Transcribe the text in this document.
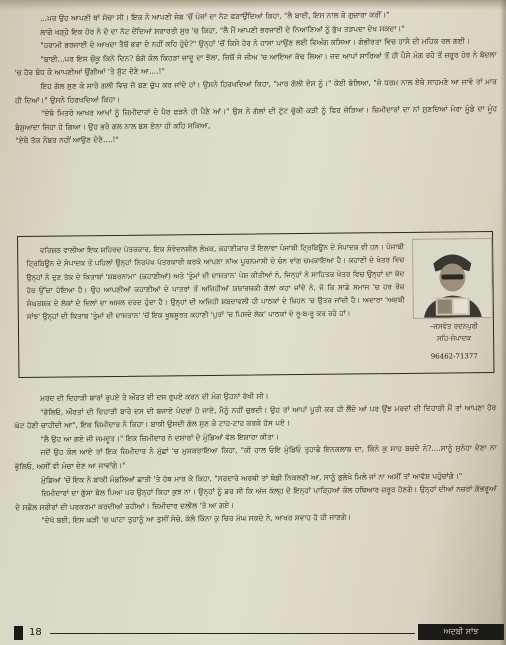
...ਪਰ ਉਹ ਆਪਣੀ ਥਾਂ ਸੱਚਾ ਸੀ। ਇਕ ਨੇ ਆਪਣੀ ਜੇਬ 'ਚੋਂ ਪੰਜਾਂ ਦਾ ਨੋਟ ਫੜਾਉਂਦਿਆਂ ਕਿਹਾ, "ਲੈ ਬਾਈ, ਇਸ ਨਾਲ ਕੇ ਗੁਜ਼ਾਰਾ ਕਰੀਂ।"

ਲਾਗੇ ਖੜ੍ਹੇ ਇਕ ਹੋਰ ਨੇ ਦੋ ਦਾ ਨੋਟ ਦੇਂਦਿਆਂ ਸ਼ਰਾਰਤੀ ਸੁਰ 'ਚ ਕਿਹਾ, "ਲੈ ਮੈਂ ਆਪਣੀ ਭਰਜਾਈ ਦੇ ਨਿਆਣਿਆਂ ਨੂੰ ਭੁੱਖ ਤੜਪਦਾ ਦੇਖ ਸਕਦਾ।"

"ਹਰਾਮੀ ਭਰਜਾਈ ਦੇ ਆਖਦਾ ਤੈਥੋਂ ਭਰਾ ਦੇ ਨਹੀਂ ਕਹਿ ਹੁੰਦੇ?" ਉਨ੍ਹਾਂ 'ਚੋਂ ਕਿਸੇ ਹੋਰ ਨੇ ਹਾਸਾ ਪਾਉਣ ਲਈ ਵਿਅੰਗ ਕਸਿਆ। ਗੰਭੀਰਤਾ ਵਿਚ ਹਾਸੇ ਦੀ ਮਹਿਕ ਰਲ ਗਈ।

"ਬਾਈ...ਪਰ ਇਸ ਚੌਕੂ ਕਿਨੇ ਦਿਨ? ਬੰਗੋ ਕੋਲ ਕਿਹੜਾ ਜਾਦੂ ਦਾ ਝੋਲਾ, ਜਿਥੋਂ ਜੋ ਜੀਅ 'ਚ ਆਇਆ ਕੱਢ ਲਿਆ। ਜਦ ਆਪਾਂ ਸਾਰਿਆਂ ਤੋਂ ਹੀ ਪੈਸੇ ਮੰਗ ਰਹੇ ਤੋਂ ਜ਼ਰੂਰ ਹੋਰ ਨੇ ਬੋਦਲਾ 'ਚ ਹੋਰ ਬੰਧ ਕੇ ਆਪਣੀਆਂ ਉਂਗੀਆਂ 'ਤੇ ਸੁੱਟ ਦੇਣੇ ਆ....!"

ਇਹ ਗੱਲ ਸੁਣ ਕੇ ਸਾਰੇ ਗਲੀ ਵਿਚ ਜੋ ਬਣ ਚੁੱਪ ਕਰ ਜਾਂਦੇ ਹਾਂ। ਉਸਨੇ ਹਿਰਖਦਿਆਂ ਕਿਹਾ, "ਮਾਰ ਗੋਲੀ ਏਸ ਨੂੰ।" ਕੋਈ ਬੋਲਿਆ, "ਜੇ ਧਰਮ ਨਾਲ ਏਥੇ ਸਾਹਮਣੇ ਆ ਜਾਵੇ ਤਾਂ ਮਾਰ ਹੀ ਦਿਆਂ।" ਉਸਨੇ ਹਿਰਖਦਿਆਂ ਕਿਹਾ।

"ਏਥੇ ਮਿਤਰੋ ਆਖਰ ਆਖਾਂ ਨੂੰ ਜ਼ਿਮੀਦਾਰਾਂ ਦੇ ਪੈਰ ਫੜਨੇ ਹੀ ਪੈਣੇ ਆਂ।" ਉਸ ਨੇ ਗੱਲਾਂ ਦੀ ਟੁੱਟ ਚੁੱਕੀ ਕੜੀ ਨੂੰ ਫਿਰ ਜੋੜਿਆ। ਜ਼ਿਮੀਦਾਰਾਂ ਦਾ ਨਾਂ ਸੁਣਦਿਆਂ ਮੇਰਾ ਮੂੰਡੇ ਦਾ ਮੂੰਹ ਬੇਸੁਆਦਾ ਜਿਹਾ ਹੋ ਗਿਆ। ਉਹ ਭਰੇ ਗਲ ਨਾਲ ਬਸ ਏਨਾ ਹੀ ਕਹਿ ਸਕਿਆ,

"ਏਥੇ ਤੱਕ ਨੌਬਤ ਨਹੀਂ ਆਉਣ ਦੇਣੇ....!"

ਵਰਿਸ਼ਠ ਵਾਲੀਆ ਇਕ ਸ਼ਹਿਰਦ ਪੱਤਰਕਾਰ, ਇਕ ਸੰਵੇਦਨਸ਼ੀਲ ਲੇਖਕ, ਕਹਾਣੀਕਾਰ ਤੋਂ ਇਲਾਵਾ ਪੰਜਾਬੀ ਟ੍ਰਿਬਿਊਨ ਦੇ ਸੰਪਾਦਕ ਵੀ ਹਨ। ਪੰਜਾਬੀ ਟ੍ਰਿਬਿਊਨ ਦੇ ਸੰਪਾਦਕ ਤੋਂ ਪਹਿਲਾਂ ਉਨ੍ਹਾਂ ਨਿਰਪੱਖ ਪੱਤਰਕਾਰੀ ਕਰਕੇ ਆਪਣਾ ਨਾਂਅ ਪੂਰਨਮਾਸੀ ਦੇ ਚੰਨ ਵਾਂਗ ਚਮਕਾਇਆ ਹੈ। ਕਹਾਣੀ ਦੇ ਖੇਤਰ ਵਿਚ ਉਨ੍ਹਾਂ ਨੇ ਦੁਣ ਤੱਕ ਦੋ ਕਿਤਾਬਾਂ 'ਸ਼ਬਰਨਾਮਾ' (ਕਹਾਣੀਆਂ) ਅਤੇ 'ਤੁੰਮਾਂ ਦੀ ਦਾਸਤਾਨ' ਪੇਸ਼ ਕੀਤੀਆਂ ਨੇ, ਜਿਨ੍ਹਾਂ ਨੇ ਸਾਹਿਤਕ ਖੇਤਰ ਵਿਚ ਉਨ੍ਹਾਂ ਦਾ ਕੱਦ ਹੋਰ ਉੱਚਾ ਹੋਇਆ ਹੈ। ਉਹ ਆਪਣੀਆਂ ਕਹਾਣੀਆਂ ਦੇ ਪਾਤਰਾਂ ਤੋਂ ਅਜਿਹੀਆਂ ਯਥਾਰਥਕੀ ਗੱਲਾਂ ਕਹਾ ਜਾਂਦੇ ਨੇ, ਜੋ ਕਿ ਸਾਡੇ ਸਮਾਜ 'ਚ ਹਰ ਰੋਜ਼ ਸੰਘਰਸ਼ਕ ਦੇ ਲੋਕਾਂ ਦੇ ਦਿਲਾਂ ਦਾ ਅਸਲ ਦਰਦ ਹੁੰਦਾ ਹੈ। ਉਨ੍ਹਾਂ ਦੀ ਅਜਿਹੀ ਸ਼ਬਦਾਵਲੀ ਹੀ ਪਾਠਕਾਂ ਦੇ ਜ਼ਿਹਨ 'ਚ ਉਤਰ ਜਾਂਦੀ ਹੈ। ਅਦਾਰਾ 'ਅਦਬੀ ਸਾਂਝ' ਉਨ੍ਹਾਂ ਦੀ ਕਿਤਾਬ 'ਤੁੰਮਾਂ ਦੀ ਦਾਸਤਾਨ' 'ਚੋਂ ਇਕ ਖੂਬਸੂਰਤ ਕਹਾਣੀ 'ਪੁਤਾਂ 'ਚ ਪਿਸਦੇ ਲੋਕ' ਪਾਠਕਾਂ ਦੇ ਰੂ-ਬ-ਰੂ ਕਰ ਰਹੇ ਹਾਂ।
–ਜਸਵੰਤ ਰਦਨਪੁਰੀ
ਸਹਿ-ਸੰਪਾਦਕ
96462-71377

ਮਰਦ ਦੀ ਦਿਹਾੜੀ ਬਾਰਾਂ ਰੁਪਏ ਤੇ ਔਰਤ ਦੀ ਦਸ ਰੁਪਏ ਕਰਨ ਦੀ ਮੰਗ ਉਹਨਾਂ ਰੱਖੀ ਸੀ।

"ਭੋਲਿਓ, ਔਰਤਾਂ ਦੀ ਦਿਹਾੜੀ ਬਾਰੇ ਦਸ ਦੀ ਬਜਾਏ ਪੰਦਰਾਂ ਹੋ ਜਾਏ, ਮੈਨੂੰ ਨਹੀਂ ਚੁਭਦੀ। ਉਹ ਤਾਂ ਆਪਾਂ ਪੂਰੀ ਕਰ ਹੀ ਲੈਂਦੇ ਆਂ ਪਰ ਉਂਝ ਮਰਦਾਂ ਦੀ ਦਿਹਾੜੀ ਮੈਂ ਤਾਂ ਆਪਣਾ ਹੋਰ ਘੱਟ ਹੋਣੀ ਚਾਹੀਦੀ ਆ", ਇਕ ਜ਼ਿਮੀਦਾਰ ਨੇ ਕਿਹਾ। ਬਾਕੀ ਉਸਦੀ ਗੱਲ ਸੁਣ ਕੇ ਟਾਹ-ਟਾਹ ਕਰਕੇ ਹੱਸ ਪਏ।

"ਲੈ ਉਹ ਆ ਗਏ ਜੀ ਜਮਦੂਤ।" ਇਕ ਜ਼ਿਮੀਦਾਰ ਨੇ ਦਸਾਰਾਂ ਦੇ ਮੁੰਡਿਆਂ ਵੱਲ ਇਸ਼ਾਰਾ ਕੀਤਾ।

ਜਦੋਂ ਉਹ ਕੋਲ ਆਏ ਤਾਂ ਇਕ ਜ਼ਿਮੀਦਾਰ ਨੇ ਮੁੱਛਾਂ 'ਚ ਮੁਸਕਰਾਇਆ ਕਿਹਾ, "ਕੀ ਹਾਲ ਓਇ ਮੁੰਡਿਓ ਤੁਹਾਡੇ ਇਨਕਲਾਬ ਦਾ, ਕਿੰਨੇ ਕੁ ਸਾਹ ਬਚਦੇ ਨੇ?....ਸਾਨੂੰ ਸੁਨੇਹਾ ਦੇਣਾ ਨਾ ਭੁੱਲਿਓ, ਅਸੀਂ ਵੀ ਮੰਚਾ ਦੇਣ ਆ ਜਾਵਾਂਗੇ।"

ਮੁੰਡਿਆਂ 'ਚੋਂ ਇਕ ਨੇ ਬਾਕੀ ਮੰਡਲਿਆਂ ਛਾਤੀ 'ਤੇ ਹੱਥ ਮਾਰ ਕੇ ਕਿਹਾ, "ਸਰਦਾਰੋ ਅਰਥੀ ਤਾਂ ਥੋਡੀ ਨਿਕਲਣੀ ਆ, ਸਾਨੂੰ ਭੁਲੇਖੇ ਮਿਲੇ ਜਾਂ ਨਾ ਅਸੀਂ ਤਾਂ ਆਵੱਸ਼ ਪਹੁੰਚਾਂਗੇ।"

ਜ਼ਿਮੀਦਾਰਾਂ ਦਾ ਗੁੱਸਾ ਬੋਲ ਪਿਆ ਪਰ ਉਨ੍ਹਾਂ ਕਿਹਾ ਕੁਝ ਨਾ। ਉਨ੍ਹਾਂ ਨੂੰ ਡਰ ਸੀ ਕਿ ਅੱਜ ਕੱਲ੍ਹ ਦੇ ਇਨ੍ਹਾਂ ਪਾੜ੍ਹਿਆਂ ਕੋਲ ਹਥਿਆਰ ਜ਼ਰੂਰ ਹੋਣਗੇ। ਉਨ੍ਹਾਂ ਦੀਆਂ ਨਜ਼ਰਾਂ ਗੱਭਰੂਆਂ ਦੇ ਸਡੌਲ ਸਰੀਰਾਂ ਦੀ ਪਰਕਰਮਾ ਕਰਦੀਆਂ ਰਹੀਆਂ। ਜ਼ਿਮੀਦਾਰ ਦਲੀਲ 'ਤੇ ਆ ਗਏ।

"ਦੇਖੋ ਬਈ, ਇਸ ਘੜੀ 'ਚ ਘਾਟਾ ਤੁਹਾਨੂੰ ਆ ਤੁਸੀਂ ਸੋਚੋ, ਕੱਲੇ ਕਿੰਨਾ ਕੁ ਚਿਰ ਮੱਘ ਸਕਦੇ ਨੇ, ਆਖਰ ਸਵਾਹ ਹੋ ਹੀ ਜਾਣਗੇ।

18	ਅਦਬੀ ਸਾਂਝ
